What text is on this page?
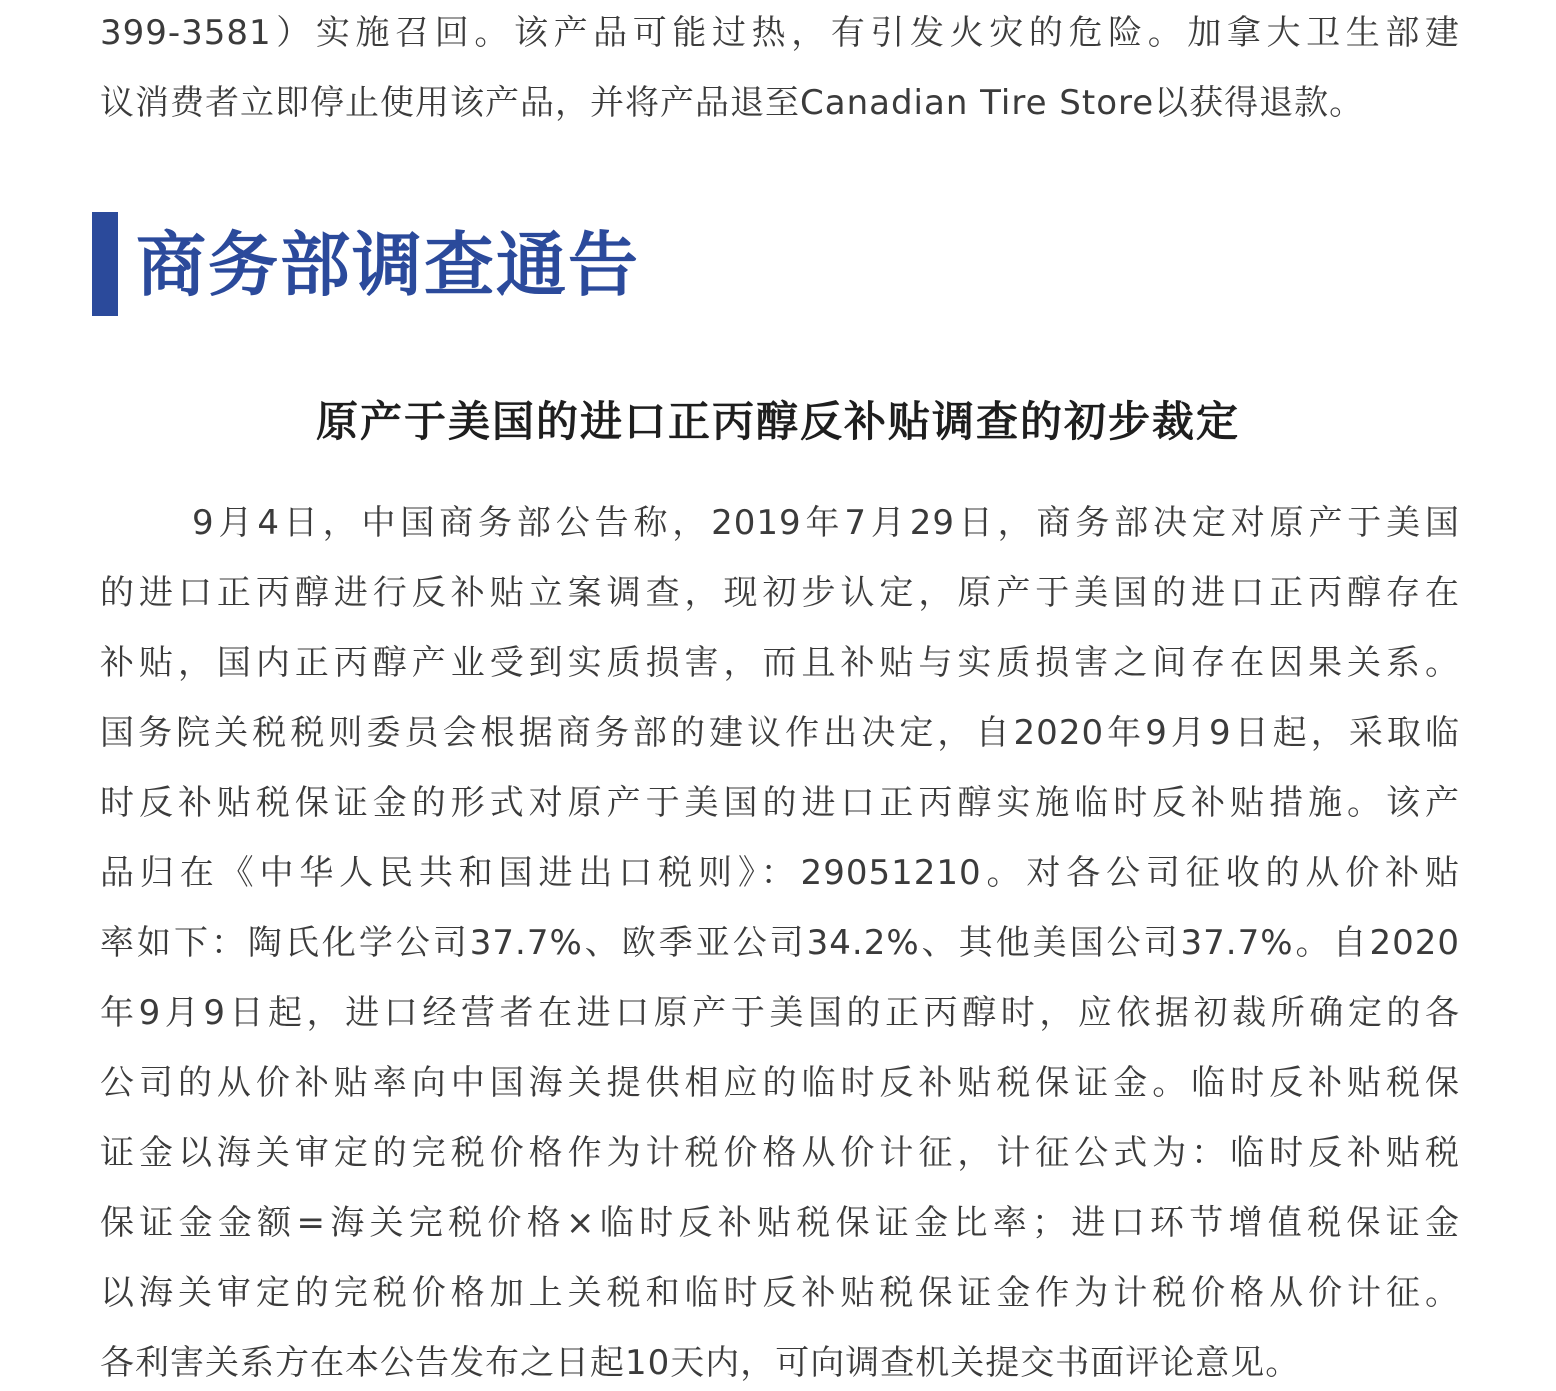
399-3581）实施召回。该产品可能过热，有引发火灾的危险。加拿大卫生部建
议消费者立即停止使用该产品，并将产品退至Canadian Tire Store以获得退款。
商务部调查通告
原产于美国的进口正丙醇反补贴调查的初步裁定
9月4日，中国商务部公告称，2019年7月29日，商务部决定对原产于美国
的进口正丙醇进行反补贴立案调查，现初步认定，原产于美国的进口正丙醇存在
补贴，国内正丙醇产业受到实质损害，而且补贴与实质损害之间存在因果关系。
国务院关税税则委员会根据商务部的建议作出决定，自2020年9月9日起，采取临
时反补贴税保证金的形式对原产于美国的进口正丙醇实施临时反补贴措施。该产
品归在《中华人民共和国进出口税则》：29051210。对各公司征收的从价补贴
率如下：陶氏化学公司37.7%、欧季亚公司34.2%、其他美国公司37.7%。自2020
年9月9日起，进口经营者在进口原产于美国的正丙醇时，应依据初裁所确定的各
公司的从价补贴率向中国海关提供相应的临时反补贴税保证金。临时反补贴税保
证金以海关审定的完税价格作为计税价格从价计征，计征公式为：临时反补贴税
保证金金额=海关完税价格×临时反补贴税保证金比率；进口环节增值税保证金
以海关审定的完税价格加上关税和临时反补贴税保证金作为计税价格从价计征。
各利害关系方在本公告发布之日起10天内，可向调查机关提交书面评论意见。
